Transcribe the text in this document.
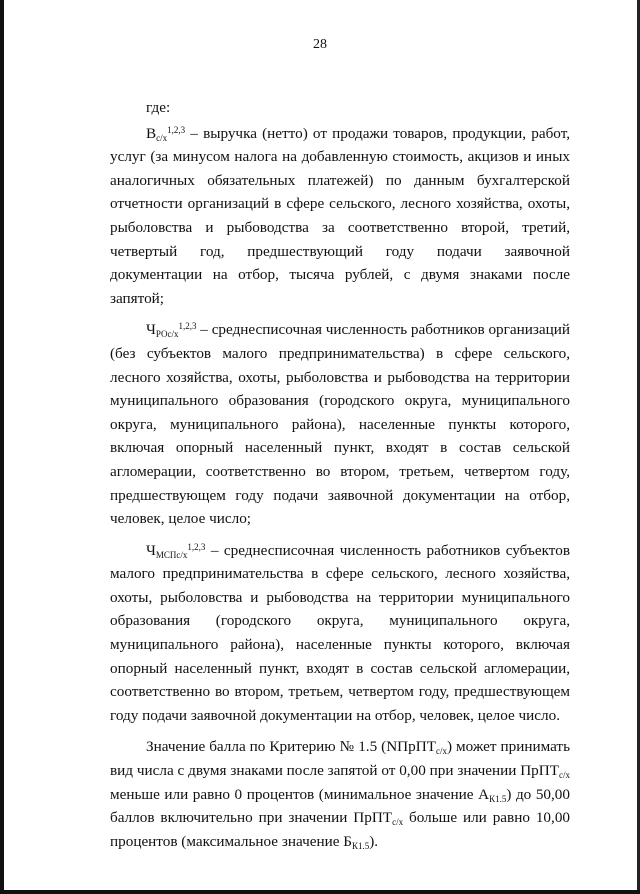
28

где:

$В_{с/х}^{1,2,3}$ – выручка (нетто) от продажи товаров, продукции, работ, услуг (за минусом налога на добавленную стоимость, акцизов и иных аналогичных обязательных платежей) по данным бухгалтерской отчетности организаций в сфере сельского, лесного хозяйства, охоты, рыболовства и рыбоводства за соответственно второй, третий, четвертый год, предшествующий году подачи заявочной документации на отбор, тысяча рублей, с двумя знаками после запятой;

$Ч_{РОс/х}^{1,2,3}$ – среднесписочная численность работников организаций (без субъектов малого предпринимательства) в сфере сельского, лесного хозяйства, охоты, рыболовства и рыбоводства на территории муниципального образования (городского округа, муниципального округа, муниципального района), населенные пункты которого, включая опорный населенный пункт, входят в состав сельской агломерации, соответственно во втором, третьем, четвертом году, предшествующем году подачи заявочной документации на отбор, человек, целое число;

$Ч_{МСПс/х}^{1,2,3}$ – среднесписочная численность работников субъектов малого предпринимательства в сфере сельского, лесного хозяйства, охоты, рыболовства и рыбоводства на территории муниципального образования (городского округа, муниципального округа, муниципального района), населенные пункты которого, включая опорный населенный пункт, входят в состав сельской агломерации, соответственно во втором, третьем, четвертом году, предшествующем году подачи заявочной документации на отбор, человек, целое число.

Значение балла по Критерию № 1.5 (NПрПТ$_{с/х}$) может принимать вид числа с двумя знаками после запятой от 0,00 при значении ПрПТ$_{с/х}$ меньше или равно 0 процентов (минимальное значение $А_{К1.5}$) до 50,00 баллов включительно при значении ПрПТ$_{с/х}$ больше или равно 10,00 процентов (максимальное значение $Б_{К1.5}$).
